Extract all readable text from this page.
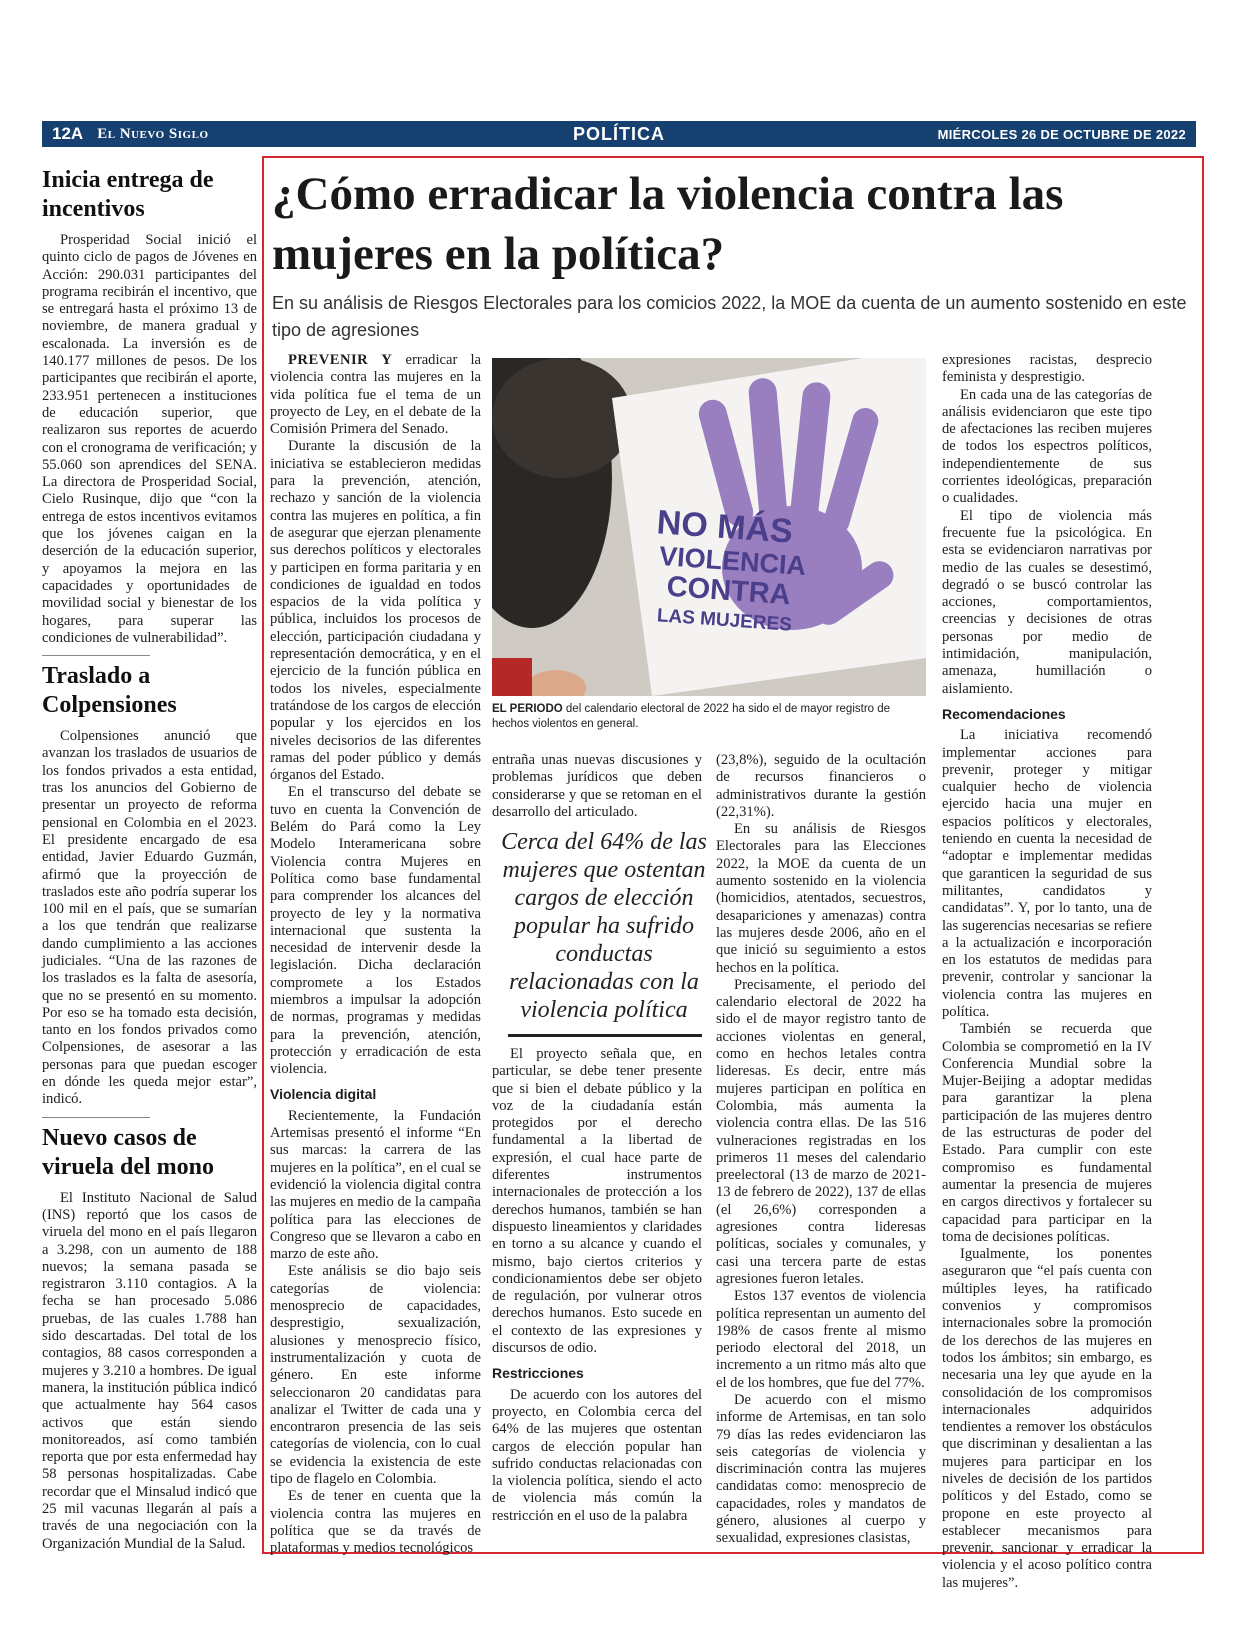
12A El Nuevo Siglo	POLÍTICA	MIÉRCOLES 26 DE OCTUBRE DE 2022
Inicia entrega de incentivos

Prosperidad Social inició el quinto ciclo de pagos de Jóvenes en Acción: 290.031 participantes del programa recibirán el incentivo, que se entregará hasta el próximo 13 de noviembre, de manera gradual y escalonada. La inversión es de 140.177 millones de pesos. De los participantes que recibirán el aporte, 233.951 pertenecen a instituciones de educación superior, que realizaron sus reportes de acuerdo con el cronograma de verificación; y 55.060 son aprendices del SENA. La directora de Prosperidad Social, Cielo Rusinque, dijo que “con la entrega de estos incentivos evitamos que los jóvenes caigan en la deserción de la educación superior, y apoyamos la mejora en las capacidades y oportunidades de movilidad social y bienestar de los hogares, para superar las condiciones de vulnerabilidad”.

Traslado a Colpensiones

Colpensiones anunció que avanzan los traslados de usuarios de los fondos privados a esta entidad, tras los anuncios del Gobierno de presentar un proyecto de reforma pensional en Colombia en el 2023. El presidente encargado de esa entidad, Javier Eduardo Guzmán, afirmó que la proyección de traslados este año podría superar los 100 mil en el país, que se sumarían a los que tendrán que realizarse dando cumplimiento a las acciones judiciales. “Una de las razones de los traslados es la falta de asesoría, que no se presentó en su momento. Por eso se ha tomado esta decisión, tanto en los fondos privados como Colpensiones, de asesorar a las personas para que puedan escoger en dónde les queda mejor estar”, indicó.

Nuevo casos de viruela del mono

El Instituto Nacional de Salud (INS) reportó que los casos de viruela del mono en el país llegaron a 3.298, con un aumento de 188 nuevos; la semana pasada se registraron 3.110 contagios. A la fecha se han procesado 5.086 pruebas, de las cuales 1.788 han sido descartadas. Del total de los contagios, 88 casos corresponden a mujeres y 3.210 a hombres. De igual manera, la institución pública indicó que actualmente hay 564 casos activos que están siendo monitoreados, así como también reporta que por esta enfermedad hay 58 personas hospitalizadas. Cabe recordar que el Minsalud indicó que 25 mil vacunas llegarán al país a través de una negociación con la Organización Mundial de la Salud.

¿Cómo erradicar la violencia contra las mujeres en la política?

En su análisis de Riesgos Electorales para los comicios 2022, la MOE da cuenta de un aumento sostenido en este tipo de agresiones

PREVENIR Y erradicar la violencia contra las mujeres en la vida política fue el tema de un proyecto de Ley, en el debate de la Comisión Primera del Senado.

Durante la discusión de la iniciativa se establecieron medidas para la prevención, atención, rechazo y sanción de la violencia contra las mujeres en política, a fin de asegurar que ejerzan plenamente sus derechos políticos y electorales y participen en forma paritaria y en condiciones de igualdad en todos espacios de la vida política y pública, incluidos los procesos de elección, participación ciudadana y representación democrática, y en el ejercicio de la función pública en todos los niveles, especialmente tratándose de los cargos de elección popular y los ejercidos en los niveles decisorios de las diferentes ramas del poder público y demás órganos del Estado.

En el transcurso del debate se tuvo en cuenta la Convención de Belém do Pará como la Ley Modelo Interamericana sobre Violencia contra Mujeres en Política como base fundamental para comprender los alcances del proyecto de ley y la normativa internacional que sustenta la necesidad de intervenir desde la legislación. Dicha declaración compromete a los Estados miembros a impulsar la adopción de normas, programas y medidas para la prevención, atención, protección y erradicación de esta violencia.

Violencia digital

Recientemente, la Fundación Artemisas presentó el informe “En sus marcas: la carrera de las mujeres en la política”, en el cual se evidenció la violencia digital contra las mujeres en medio de la campaña política para las elecciones de Congreso que se llevaron a cabo en marzo de este año.

Este análisis se dio bajo seis categorías de violencia: menosprecio de capacidades, desprestigio, sexualización, alusiones y menosprecio físico, instrumentalización y cuota de género. En este informe seleccionaron 20 candidatas para analizar el Twitter de cada una y encontraron presencia de las seis categorías de violencia, con lo cual se evidencia la existencia de este tipo de flagelo en Colombia.

Es de tener en cuenta que la violencia contra las mujeres en política que se da través de plataformas y medios tecnológicos

NO MÁS
VIOLENCIA
CONTRA
LAS MUJERES
EL PERIODO del calendario electoral de 2022 ha sido el de mayor registro de hechos violentos en general.

entraña unas nuevas discusiones y problemas jurídicos que deben considerarse y que se retoman en el desarrollo del articulado.

Cerca del 64% de las mujeres que ostentan cargos de elección popular ha sufrido conductas relacionadas con la violencia política

El proyecto señala que, en particular, se debe tener presente que si bien el debate público y la voz de la ciudadanía están protegidos por el derecho fundamental a la libertad de expresión, el cual hace parte de diferentes instrumentos internacionales de protección a los derechos humanos, también se han dispuesto lineamientos y claridades en torno a su alcance y cuando el mismo, bajo ciertos criterios y condicionamientos debe ser objeto de regulación, por vulnerar otros derechos humanos. Esto sucede en el contexto de las expresiones y discursos de odio.

Restricciones

De acuerdo con los autores del proyecto, en Colombia cerca del 64% de las mujeres que ostentan cargos de elección popular han sufrido conductas relacionadas con la violencia política, siendo el acto de violencia más común la restricción en el uso de la palabra

(23,8%), seguido de la ocultación de recursos financieros o administrativos durante la gestión (22,31%).

En su análisis de Riesgos Electorales para las Elecciones 2022, la MOE da cuenta de un aumento sostenido en la violencia (homicidios, atentados, secuestros, desapariciones y amenazas) contra las mujeres desde 2006, año en el que inició su seguimiento a estos hechos en la política.

Precisamente, el periodo del calendario electoral de 2022 ha sido el de mayor registro tanto de acciones violentas en general, como en hechos letales contra lideresas. Es decir, entre más mujeres participan en política en Colombia, más aumenta la violencia contra ellas. De las 516 vulneraciones registradas en los primeros 11 meses del calendario preelectoral (13 de marzo de 2021-13 de febrero de 2022), 137 de ellas (el 26,6%) corresponden a agresiones contra lideresas políticas, sociales y comunales, y casi una tercera parte de estas agresiones fueron letales.

Estos 137 eventos de violencia política representan un aumento del 198% de casos frente al mismo periodo electoral del 2018, un incremento a un ritmo más alto que el de los hombres, que fue del 77%.

De acuerdo con el mismo informe de Artemisas, en tan solo 79 días las redes evidenciaron las seis categorías de violencia y discriminación contra las mujeres candidatas como: menosprecio de capacidades, roles y mandatos de género, alusiones al cuerpo y sexualidad, expresiones clasistas,

expresiones racistas, desprecio feminista y desprestigio.

En cada una de las categorías de análisis evidenciaron que este tipo de afectaciones las reciben mujeres de todos los espectros políticos, independientemente de sus corrientes ideológicas, preparación o cualidades.

El tipo de violencia más frecuente fue la psicológica. En esta se evidenciaron narrativas por medio de las cuales se desestimó, degradó o se buscó controlar las acciones, comportamientos, creencias y decisiones de otras personas por medio de intimidación, manipulación, amenaza, humillación o aislamiento.

Recomendaciones

La iniciativa recomendó implementar acciones para prevenir, proteger y mitigar cualquier hecho de violencia ejercido hacia una mujer en espacios políticos y electorales, teniendo en cuenta la necesidad de “adoptar e implementar medidas que garanticen la seguridad de sus militantes, candidatos y candidatas”. Y, por lo tanto, una de las sugerencias necesarias se refiere a la actualización e incorporación en los estatutos de medidas para prevenir, controlar y sancionar la violencia contra las mujeres en política.

También se recuerda que Colombia se comprometió en la IV Conferencia Mundial sobre la Mujer-Beijing a adoptar medidas para garantizar la plena participación de las mujeres dentro de las estructuras de poder del Estado. Para cumplir con este compromiso es fundamental aumentar la presencia de mujeres en cargos directivos y fortalecer su capacidad para participar en la toma de decisiones políticas.

Igualmente, los ponentes aseguraron que “el país cuenta con múltiples leyes, ha ratificado convenios y compromisos internacionales sobre la promoción de los derechos de las mujeres en todos los ámbitos; sin embargo, es necesaria una ley que ayude en la consolidación de los compromisos internacionales adquiridos tendientes a remover los obstáculos que discriminan y desalientan a las mujeres para participar en los niveles de decisión de los partidos políticos y del Estado, como se propone en este proyecto al establecer mecanismos para prevenir, sancionar y erradicar la violencia y el acoso político contra las mujeres”.
